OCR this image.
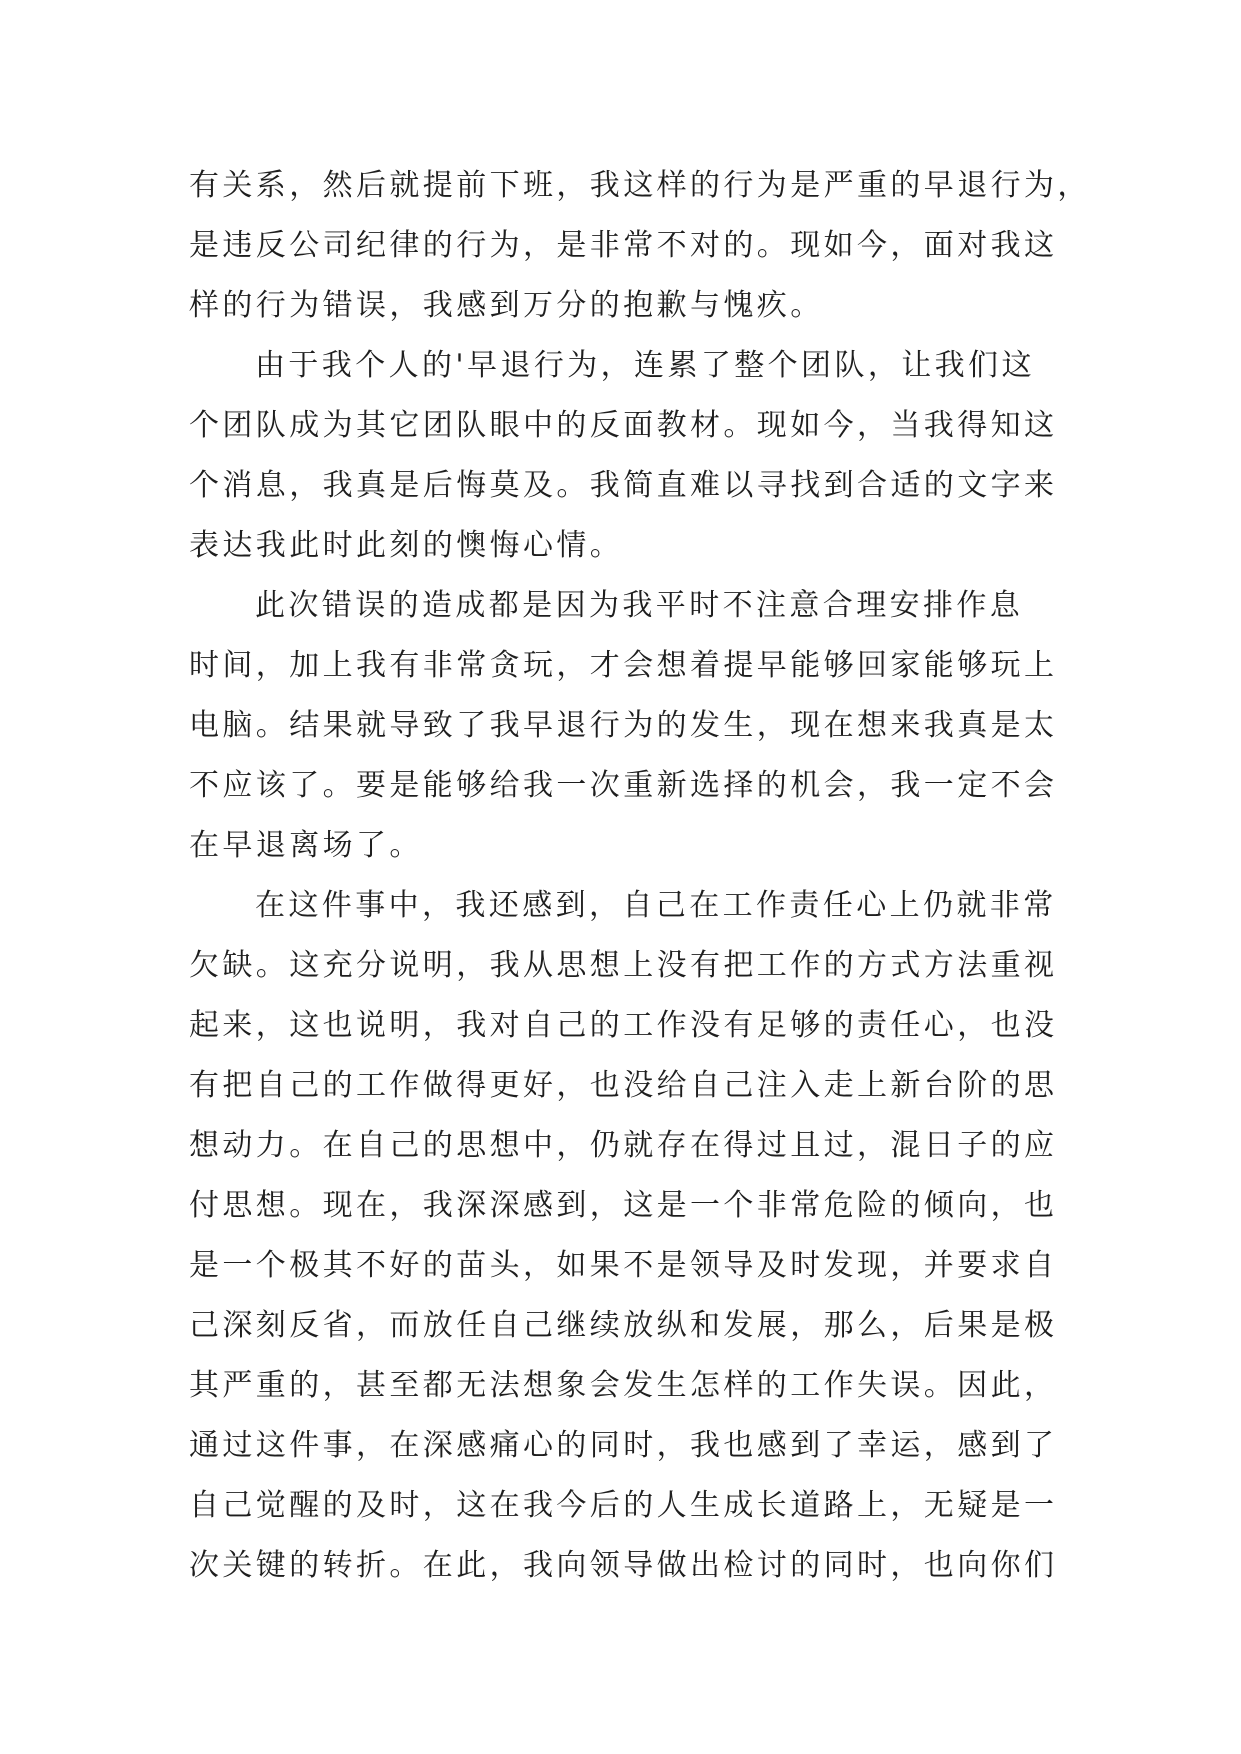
有关系，然后就提前下班，我这样的行为是严重的早退行为，
是违反公司纪律的行为，是非常不对的。现如今，面对我这
样的行为错误，我感到万分的抱歉与愧疚。
由于我个人的'早退行为，连累了整个团队，让我们这
个团队成为其它团队眼中的反面教材。现如今，当我得知这
个消息，我真是后悔莫及。我简直难以寻找到合适的文字来
表达我此时此刻的懊悔心情。
此次错误的造成都是因为我平时不注意合理安排作息
时间，加上我有非常贪玩，才会想着提早能够回家能够玩上
电脑。结果就导致了我早退行为的发生，现在想来我真是太
不应该了。要是能够给我一次重新选择的机会，我一定不会
在早退离场了。
在这件事中，我还感到，自己在工作责任心上仍就非常
欠缺。这充分说明，我从思想上没有把工作的方式方法重视
起来，这也说明，我对自己的工作没有足够的责任心，也没
有把自己的工作做得更好，也没给自己注入走上新台阶的思
想动力。在自己的思想中，仍就存在得过且过，混日子的应
付思想。现在，我深深感到，这是一个非常危险的倾向，也
是一个极其不好的苗头，如果不是领导及时发现，并要求自
己深刻反省，而放任自己继续放纵和发展，那么，后果是极
其严重的，甚至都无法想象会发生怎样的工作失误。因此，
通过这件事，在深感痛心的同时，我也感到了幸运，感到了
自己觉醒的及时，这在我今后的人生成长道路上，无疑是一
次关键的转折。在此，我向领导做出检讨的同时，也向你们
